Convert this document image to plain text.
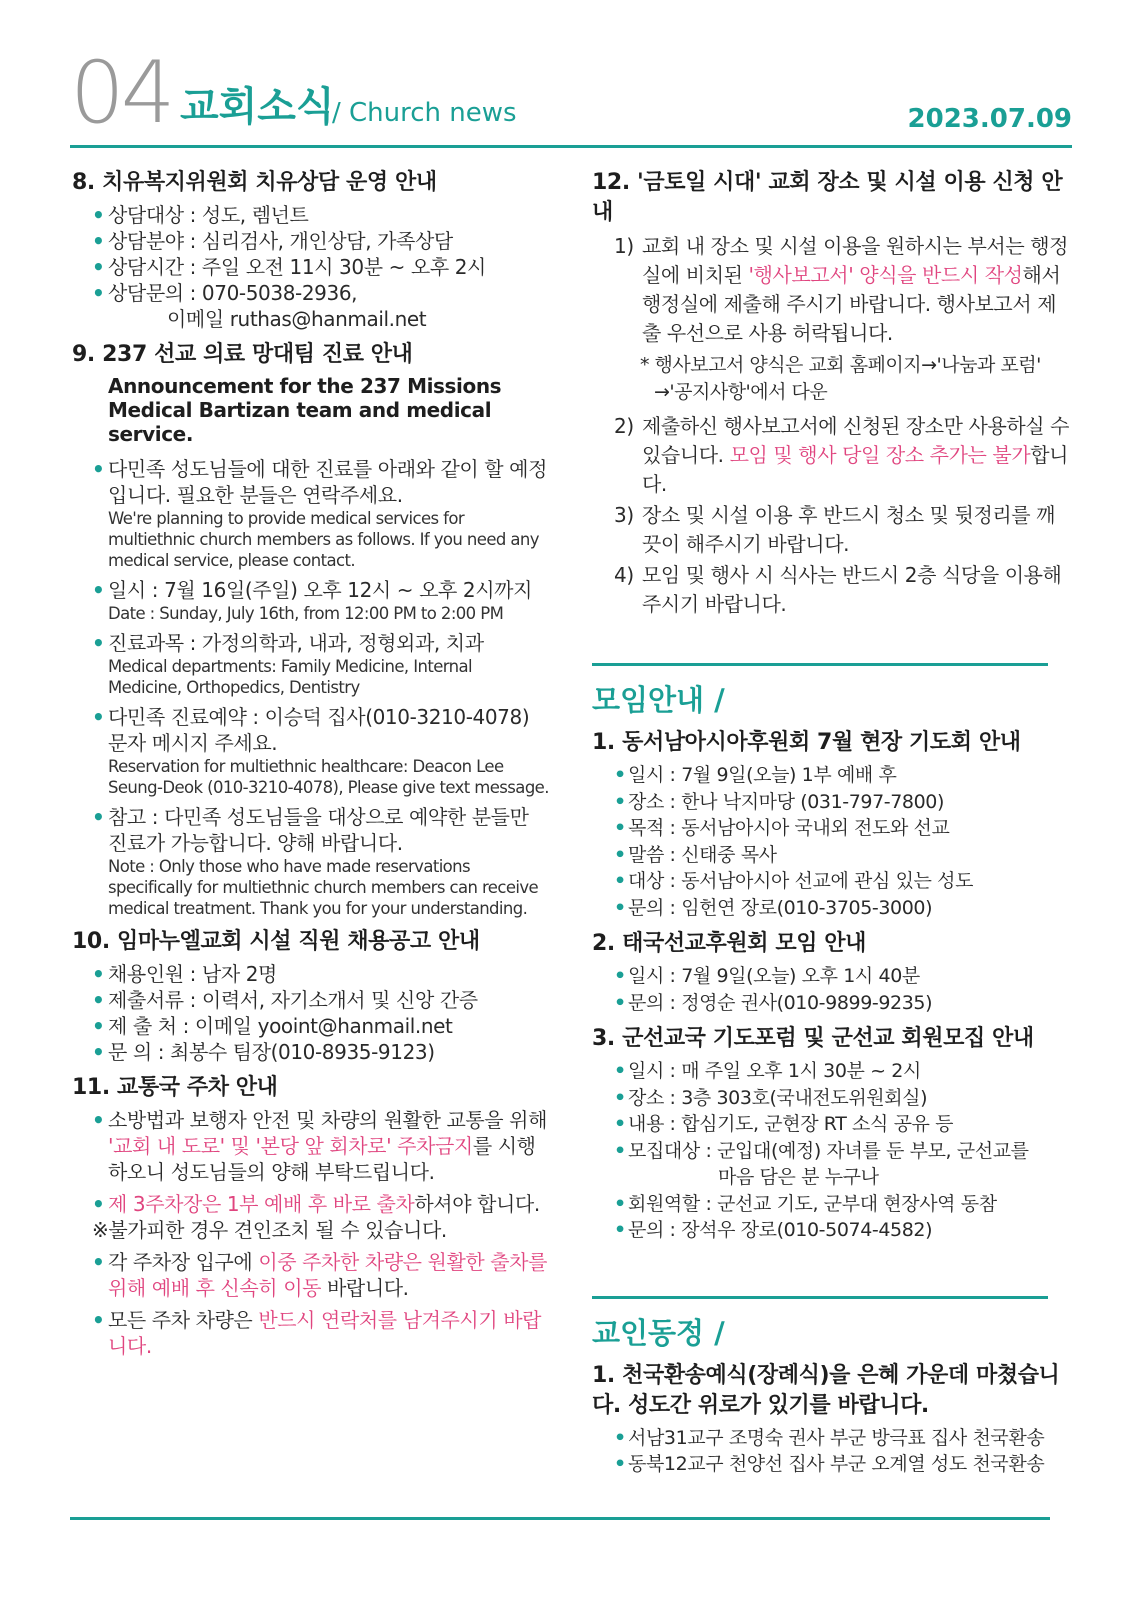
04 교회소식
/ Church news	2023.07.09
8. 치유복지위원회 치유상담 운영 안내
• 상담대상 : 성도, 렘넌트
• 상담분야 : 심리검사, 개인상담, 가족상담
• 상담시간 : 주일 오전 11시 30분 ~ 오후 2시
• 상담문의 : 070-5038-2936,
이메일 ruthas@hanmail.net
9. 237 선교 의료 망대팀 진료 안내
Announcement for the 237 Missions Medical Bartizan team and medical service.
• 다민족 성도님들에 대한 진료를 아래와 같이 할 예정입니다. 필요한 분들은 연락주세요.
We're planning to provide medical services for multiethnic church members as follows. If you need any medical service, please contact.
• 일시 : 7월 16일(주일) 오후 12시 ~ 오후 2시까지
Date : Sunday, July 16th, from 12:00 PM to 2:00 PM
• 진료과목 : 가정의학과, 내과, 정형외과, 치과
Medical departments: Family Medicine, Internal Medicine, Orthopedics, Dentistry
• 다민족 진료예약 : 이승덕 집사(010-3210-4078) 문자 메시지 주세요.
Reservation for multiethnic healthcare: Deacon Lee Seung-Deok (010-3210-4078), Please give text message.
• 참고 : 다민족 성도님들을 대상으로 예약한 분들만 진료가 가능합니다. 양해 바랍니다.
Note : Only those who have made reservations specifically for multiethnic church members can receive medical treatment. Thank you for your understanding.
10. 임마누엘교회 시설 직원 채용공고 안내
• 채용인원 : 남자 2명
• 제출서류 : 이력서, 자기소개서 및 신앙 간증
• 제 출 처 : 이메일 yooint@hanmail.net
• 문 의 : 최봉수 팀장(010-8935-9123)
11. 교통국 주차 안내
• 소방법과 보행자 안전 및 차량의 원활한 교통을 위해 '교회 내 도로' 및 '본당 앞 회차로' 주차금지를 시행하오니 성도님들의 양해 부탁드립니다.
• 제 3주차장은 1부 예배 후 바로 출차하셔야 합니다.
※불가피한 경우 견인조치 될 수 있습니다.
• 각 주차장 입구에 이중 주차한 차량은 원활한 출차를 위해 예배 후 신속히 이동 바랍니다.
• 모든 주차 차량은 반드시 연락처를 남겨주시기 바랍니다.
12. '금토일 시대' 교회 장소 및 시설 이용 신청 안내
1) 교회 내 장소 및 시설 이용을 원하시는 부서는 행정실에 비치된 '행사보고서' 양식을 반드시 작성해서 행정실에 제출해 주시기 바랍니다. 행사보고서 제출 우선으로 사용 허락됩니다.
* 행사보고서 양식은 교회 홈페이지→'나눔과 포럼' →'공지사항'에서 다운
2) 제출하신 행사보고서에 신청된 장소만 사용하실 수 있습니다. 모임 및 행사 당일 장소 추가는 불가합니다.
3) 장소 및 시설 이용 후 반드시 청소 및 뒷정리를 깨끗이 해주시기 바랍니다.
4) 모임 및 행사 시 식사는 반드시 2층 식당을 이용해 주시기 바랍니다.
모임안내 /
1. 동서남아시아후원회 7월 현장 기도회 안내
• 일시 : 7월 9일(오늘) 1부 예배 후
• 장소 : 한나 낙지마당 (031-797-7800)
• 목적 : 동서남아시아 국내외 전도와 선교
• 말씀 : 신태중 목사
• 대상 : 동서남아시아 선교에 관심 있는 성도
• 문의 : 임헌연 장로(010-3705-3000)
2. 태국선교후원회 모임 안내
• 일시 : 7월 9일(오늘) 오후 1시 40분
• 문의 : 정영순 권사(010-9899-9235)
3. 군선교국 기도포럼 및 군선교 회원모집 안내
• 일시 : 매 주일 오후 1시 30분 ~ 2시
• 장소 : 3층 303호(국내전도위원회실)
• 내용 : 합심기도, 군현장 RT 소식 공유 등
• 모집대상 : 군입대(예정) 자녀를 둔 부모, 군선교를
마음 담은 분 누구나
• 회원역할 : 군선교 기도, 군부대 현장사역 동참
• 문의 : 장석우 장로(010-5074-4582)
교인동정 /
1. 천국환송예식(장례식)을 은혜 가운데 마쳤습니다. 성도간 위로가 있기를 바랍니다.
• 서남31교구 조명숙 권사 부군 방극표 집사 천국환송
• 동북12교구 천양선 집사 부군 오계열 성도 천국환송
